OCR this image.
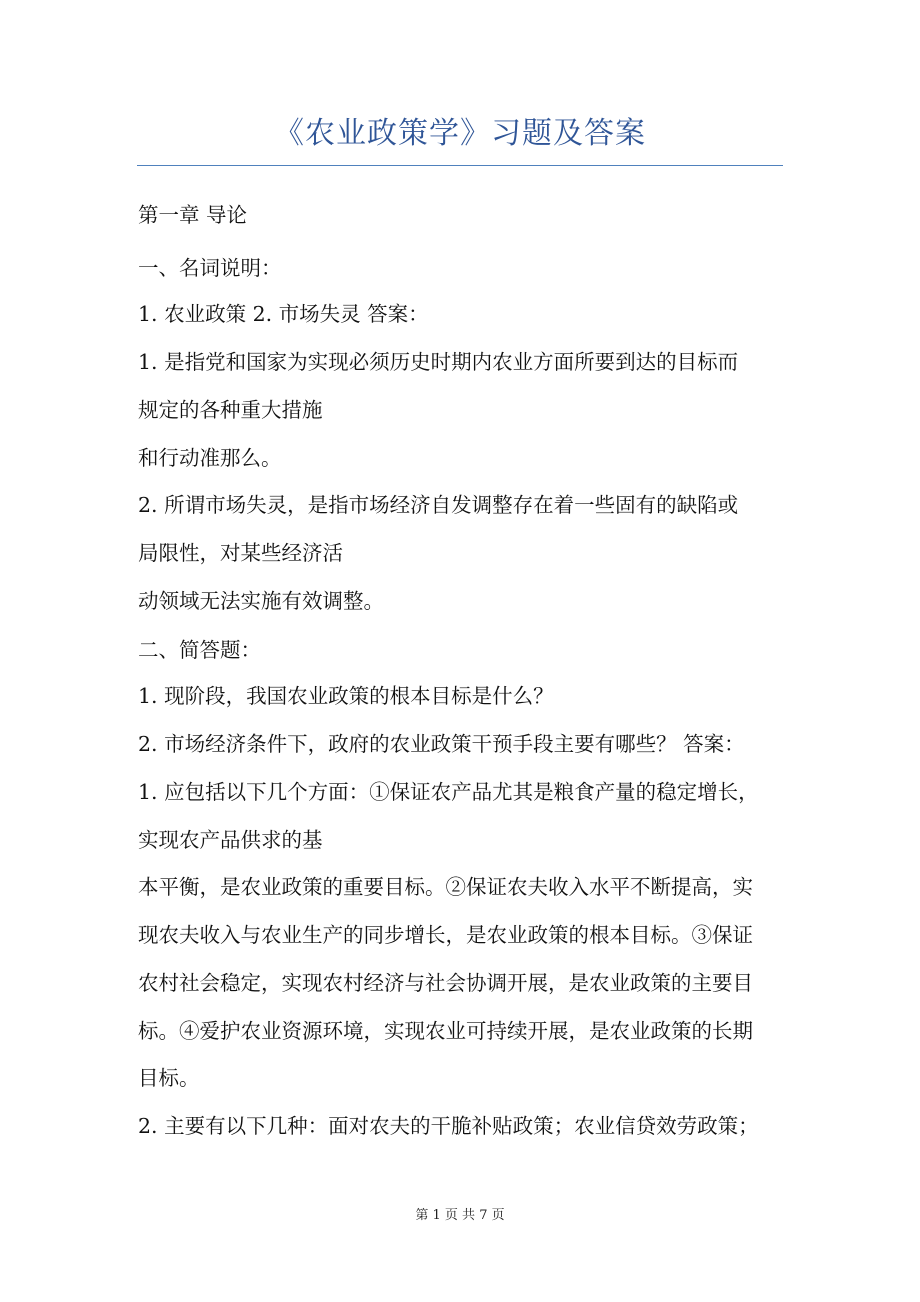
《农业政策学》习题及答案
第一章 导论
一、名词说明：
1. 农业政策 2. 市场失灵 答案：
1. 是指党和国家为实现必须历史时期内农业方面所要到达的目标而
规定的各种重大措施
和行动准那么。
2. 所谓市场失灵，是指市场经济自发调整存在着一些固有的缺陷或
局限性，对某些经济活
动领域无法实施有效调整。
二、简答题：
1. 现阶段，我国农业政策的根本目标是什么？
2. 市场经济条件下，政府的农业政策干预手段主要有哪些？ 答案：
1. 应包括以下几个方面：①保证农产品尤其是粮食产量的稳定增长，
实现农产品供求的基
本平衡，是农业政策的重要目标。②保证农夫收入水平不断提高，实
现农夫收入与农业生产的同步增长，是农业政策的根本目标。③保证
农村社会稳定，实现农村经济与社会协调开展，是农业政策的主要目
标。④爱护农业资源环境，实现农业可持续开展，是农业政策的长期
目标。
2. 主要有以下几种：面对农夫的干脆补贴政策；农业信贷效劳政策；
第 1 页 共 7 页
